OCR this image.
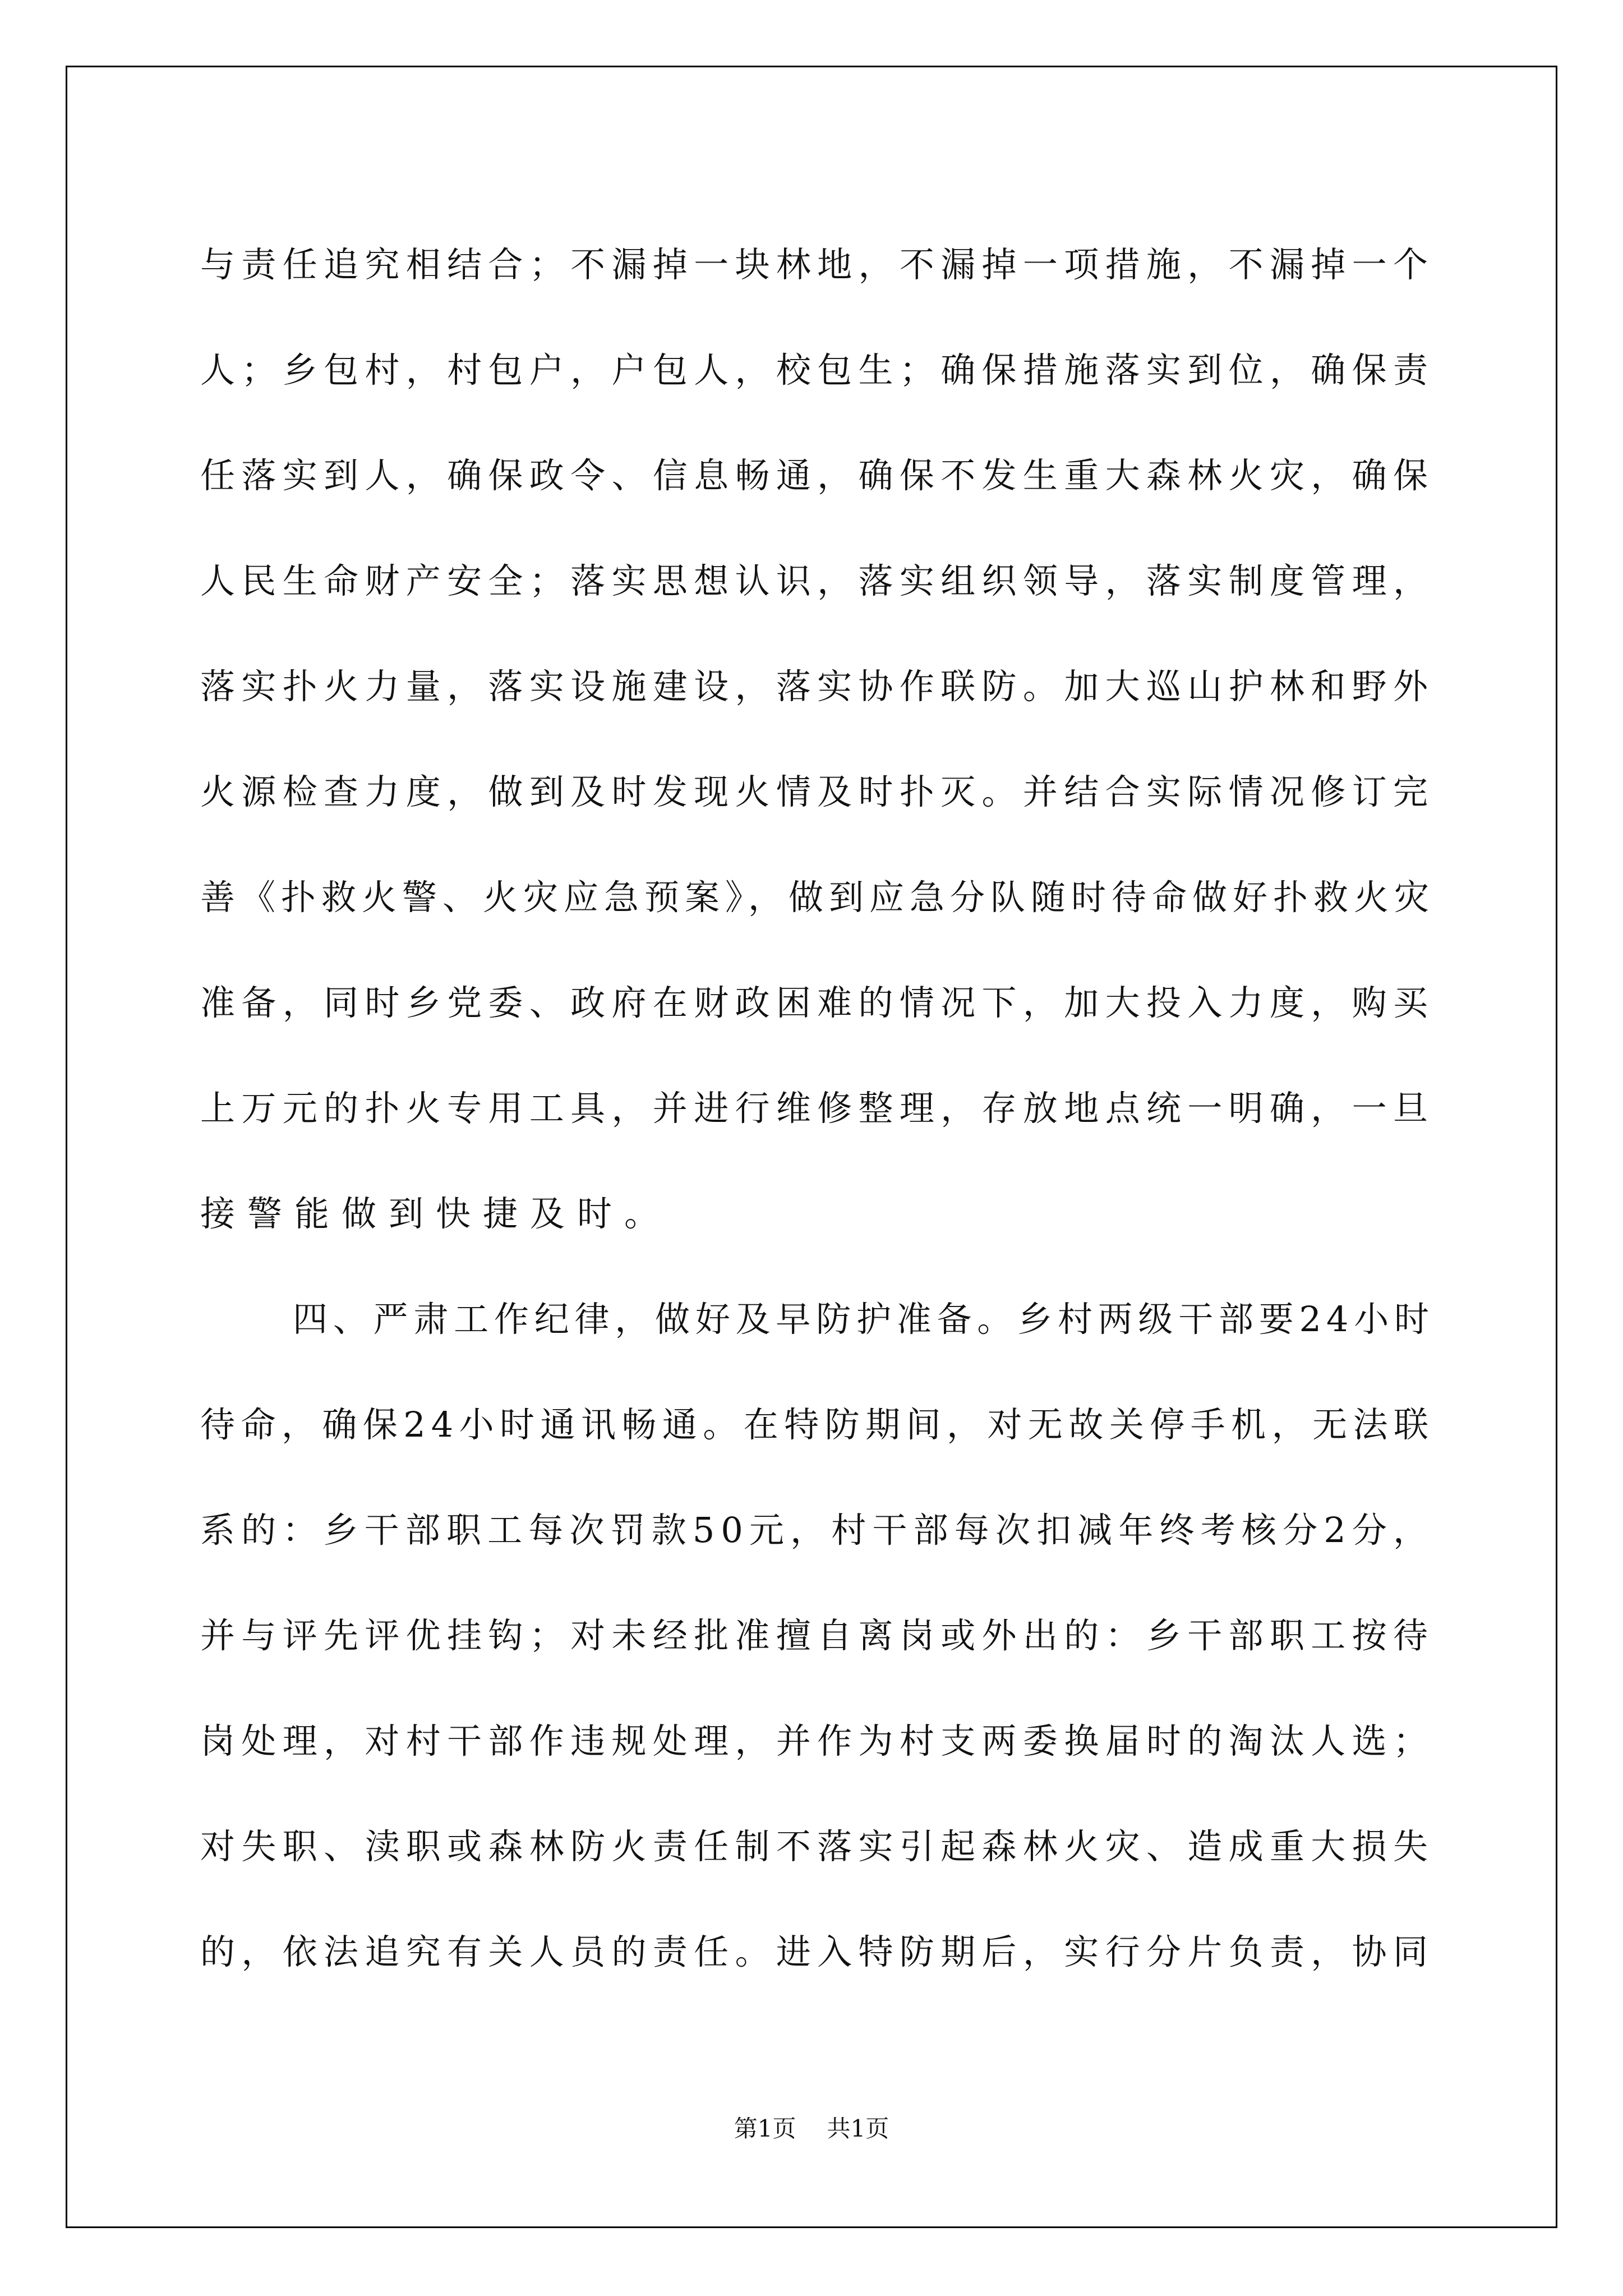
与责任追究相结合；不漏掉一块林地，不漏掉一项措施，不漏掉一个
人；乡包村，村包户，户包人，校包生；确保措施落实到位，确保责
任落实到人，确保政令、信息畅通，确保不发生重大森林火灾，确保
人民生命财产安全；落实思想认识，落实组织领导，落实制度管理，
落实扑火力量，落实设施建设，落实协作联防。加大巡山护林和野外
火源检查力度，做到及时发现火情及时扑灭。并结合实际情况修订完
善《扑救火警、火灾应急预案》，做到应急分队随时待命做好扑救火灾
准备，同时乡党委、政府在财政困难的情况下，加大投入力度，购买
上万元的扑火专用工具，并进行维修整理，存放地点统一明确，一旦
接警能做到快捷及时。
四、严肃工作纪律，做好及早防护准备。乡村两级干部要24小时
待命，确保24小时通讯畅通。在特防期间，对无故关停手机，无法联
系的：乡干部职工每次罚款50元，村干部每次扣减年终考核分2分，
并与评先评优挂钩；对未经批准擅自离岗或外出的：乡干部职工按待
岗处理，对村干部作违规处理，并作为村支两委换届时的淘汰人选；
对失职、渎职或森林防火责任制不落实引起森林火灾、造成重大损失
的，依法追究有关人员的责任。进入特防期后，实行分片负责，协同
第1页 共1页
